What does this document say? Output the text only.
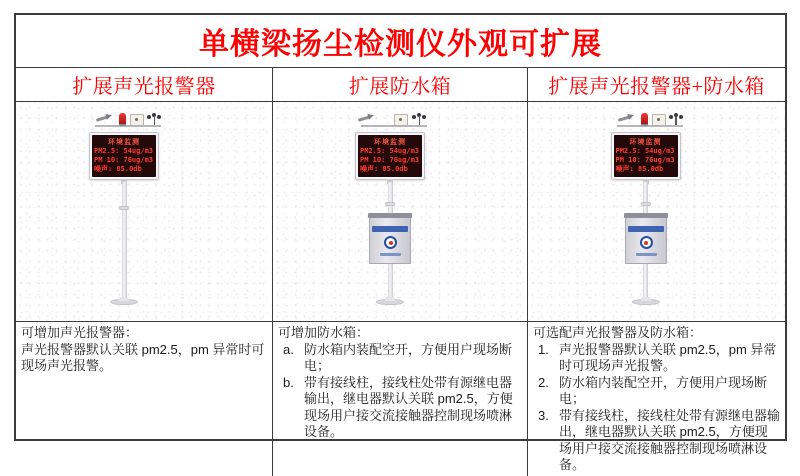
单横梁扬尘检测仪外观可扩展
扩展声光报警器	扩展防水箱	扩展声光报警器+防水箱
环境监测
PM2.5: 54ug/m3
PM 10: 76ug/m3
噪声: 85.0db
环境监测
PM2.5: 54ug/m3
PM 10: 76ug/m3
噪声: 85.0db
环境监测
PM2.5: 54ug/m3
PM 10: 76ug/m3
噪声: 85.0db
可增加声光报警器：
声光报警器默认关联 pm2.5，pm 异常时可现场声光报警。
可增加防水箱：
a. 防水箱内装配空开，方便用户现场断电；
b. 带有接线柱，接线柱处带有源继电器输出，继电器默认关联 pm2.5，方便现场用户接交流接触器控制现场喷淋设备。
可选配声光报警器及防水箱：
1. 声光报警器默认关联 pm2.5，pm 异常时可现场声光报警。
2. 防水箱内装配空开，方便用户现场断电；
3. 带有接线柱，接线柱处带有源继电器输出，继电器默认关联 pm2.5，方便现场用户接交流接触器控制现场喷淋设备。
